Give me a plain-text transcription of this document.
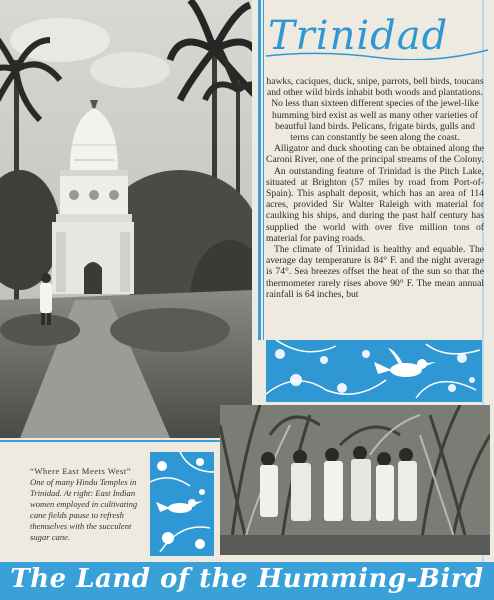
Trinidad

hawks, caciques, duck, snipe, parrots, bell birds, toucans and other wild birds inhabit both woods and plantations. No less than sixteen different species of the jewel-like humming bird exist as well as many other varieties of beautful land birds. Pelicans, frigate birds, gulls and terns can constantly be seen along the coast.

Alligator and duck shooting can be obtained along the Caroni River, one of the principal streams of the Colony.

An outstanding feature of Trinidad is the Pitch Lake, situated at Brighton (57 miles by road from Port-of-Spain). This asphalt deposit, which has an area of 114 acres, provided Sir Walter Raleigh with material for caulking his ships, and during the past half century has supplied the world with over five million tons of material for paving roads.

The climate of Trinidad is healthy and equable. The average day temperature is 84° F. and the night average is 74°. Sea breezes offset the heat of the sun so that the thermometer rarely rises above 90° F. The mean annual rainfall is 64 inches, but

“Where East Meets West” One of many Hindu Temples in Trinidad. At right: East Indian women employed in cultivating cane fields pause to refresh themselves with the succulent sugar cane.
The Land of the Humming-Bird
